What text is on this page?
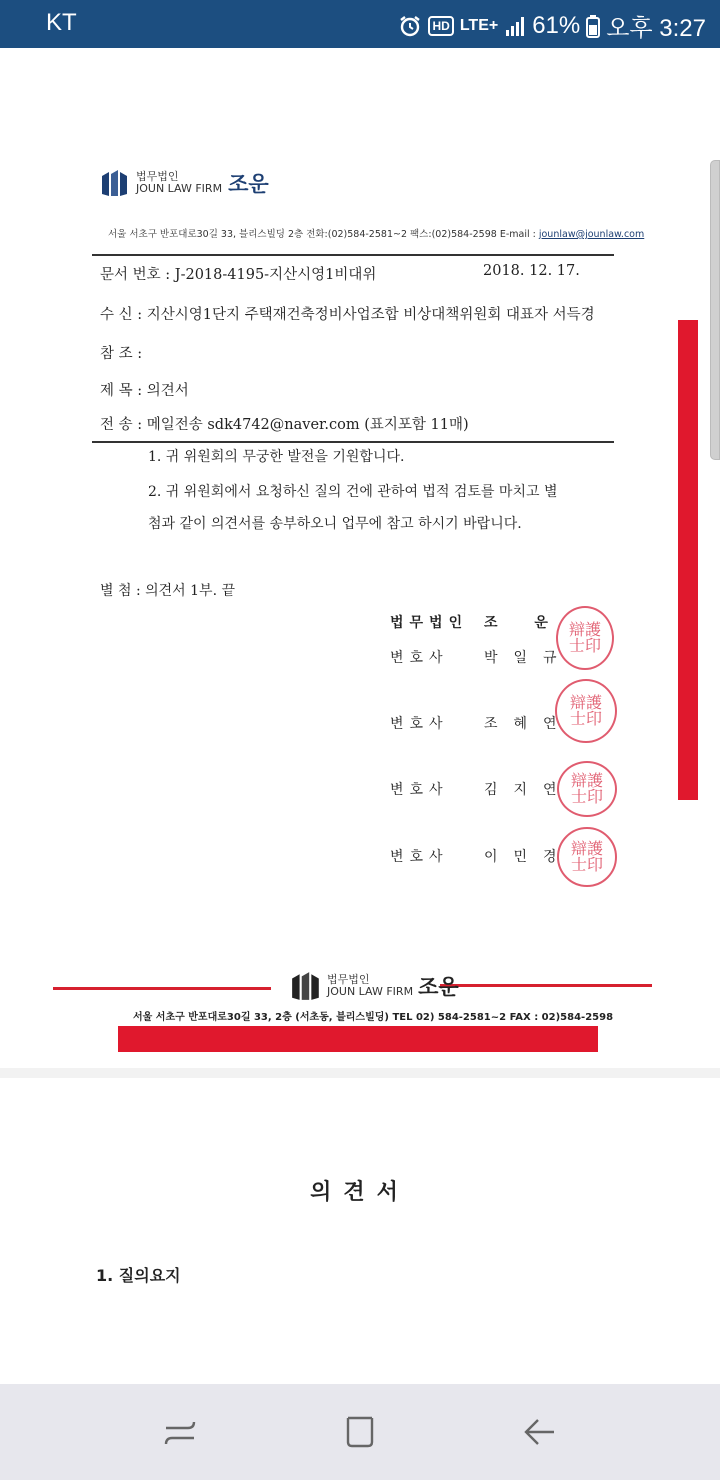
KT	HD LTE+ 61% 오후 3:27
법무법인
JOUN LAW FIRM 조운
서울 서초구 반포대로30길 33, 블리스빌딩 2층 전화:(02)584-2581~2 팩스:(02)584-2598 E-mail : jounlaw@jounlaw.com
문서 번호 : J-2018-4195-지산시영1비대위	2018. 12. 17.
수 신 : 지산시영1단지 주택재건축정비사업조합 비상대책위원회 대표자 서득경
참 조 :
제 목 : 의견서
전 송 : 메일전송 sdk4742@naver.com (표지포함 11매)
1. 귀 위원회의 무궁한 발전을 기원합니다.
2. 귀 위원회에서 요청하신 질의 건에 관하여 법적 검토를 마치고 별
첨과 같이 의견서를 송부하오니 업무에 참고 하시기 바랍니다.
별 첨 : 의견서 1부. 끝
법무법인 조 운
변호사	박일규
변호사	조혜연
변호사	김지연
변호사	이민경
辯護
士印
辯護
士印
辯護
士印
辯護
士印
법무법인
JOUN LAW FIRM 조운
서울 서초구 반포대로30길 33, 2층 (서초동, 블리스빌딩) TEL 02) 584-2581~2 FAX : 02)584-2598
의견서
1. 질의요지
